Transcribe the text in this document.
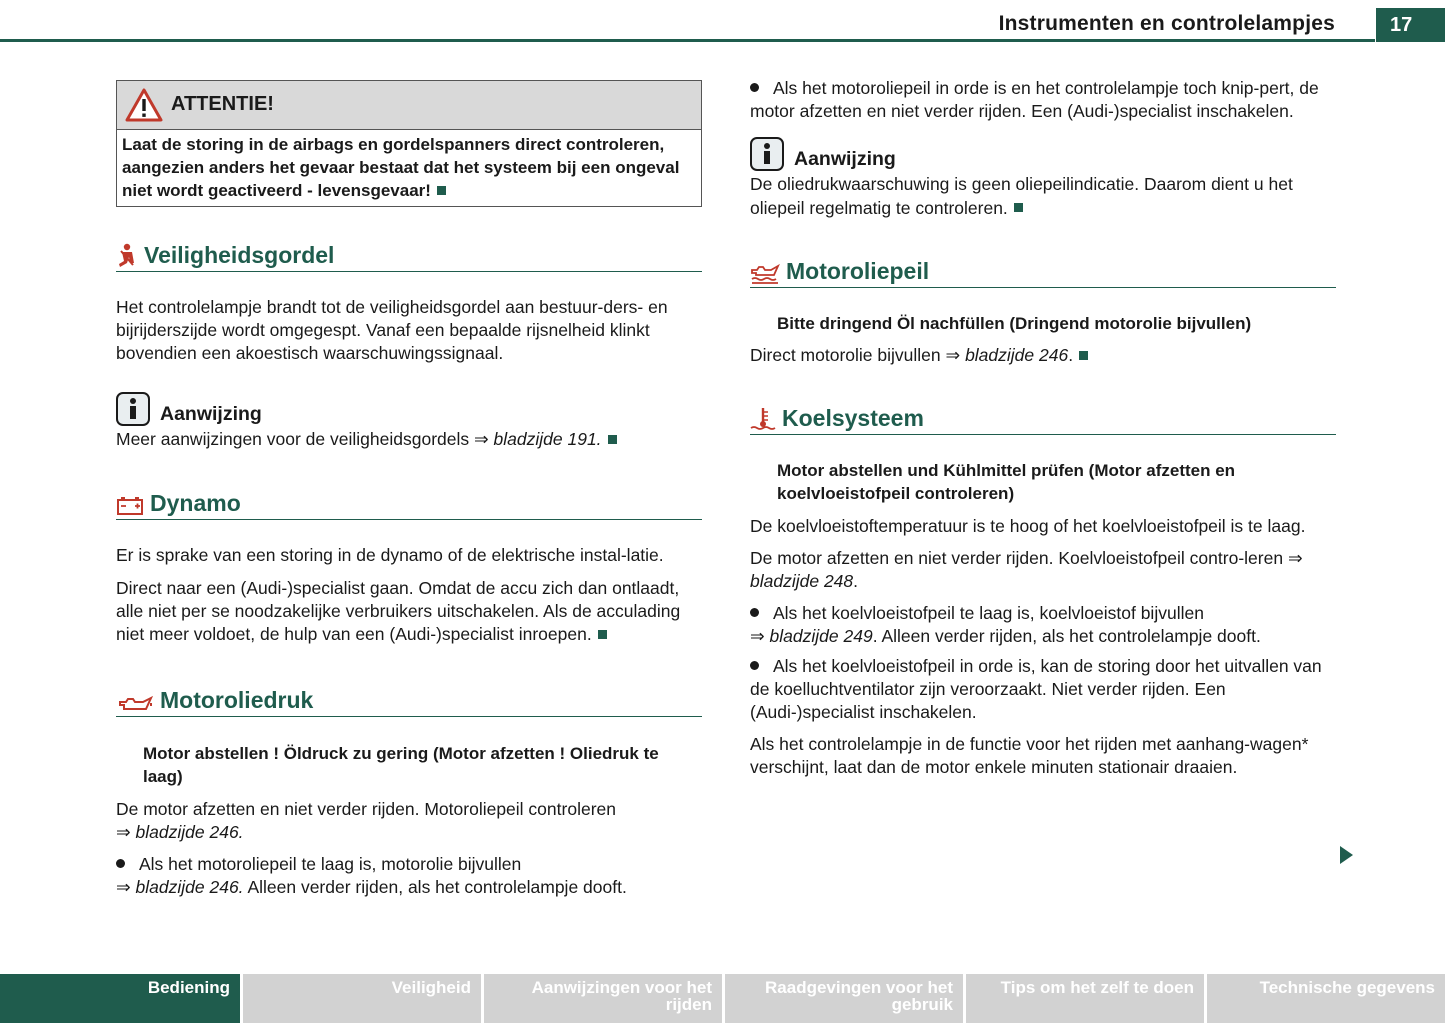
Instrumenten en controlelampjes	17
ATTENTIE!
Laat de storing in de airbags en gordelspanners direct controleren, aangezien anders het gevaar bestaat dat het systeem bij een ongeval niet wordt geactiveerd - levensgevaar!
Veiligheidsgordel

Het controlelampje brandt tot de veiligheidsgordel aan bestuur-ders- en bijrijderszijde wordt omgegespt. Vanaf een bepaalde rijsnelheid klinkt bovendien een akoestisch waarschuwingssignaal.

Aanwijzing

Meer aanwijzingen voor de veiligheidsgordels ⇒ bladzijde 191.

Dynamo

Er is sprake van een storing in de dynamo of de elektrische instal-latie.

Direct naar een (Audi-)specialist gaan. Omdat de accu zich dan ontlaadt, alle niet per se noodzakelijke verbruikers uitschakelen. Als de acculading niet meer voldoet, de hulp van een (Audi-)specialist inroepen.

Motoroliedruk

Motor abstellen ! Öldruck zu gering (Motor afzetten ! Oliedruk te laag)

De motor afzetten en niet verder rijden. Motoroliepeil controleren
⇒ bladzijde 246.

Als het motoroliepeil te laag is, motorolie bijvullen
⇒ bladzijde 246. Alleen verder rijden, als het controlelampje dooft.

Als het motoroliepeil in orde is en het controlelampje toch knip-pert, de motor afzetten en niet verder rijden. Een (Audi-)specialist inschakelen.

Aanwijzing

De oliedrukwaarschuwing is geen oliepeilindicatie. Daarom dient u het oliepeil regelmatig te controleren.

Motoroliepeil

Bitte dringend Öl nachfüllen (Dringend motorolie bijvullen)

Direct motorolie bijvullen ⇒ bladzijde 246.

Koelsysteem

Motor abstellen und Kühlmittel prüfen (Motor afzetten en koelvloeistofpeil controleren)

De koelvloeistoftemperatuur is te hoog of het koelvloeistofpeil is te laag.

De motor afzetten en niet verder rijden. Koelvloeistofpeil contro-leren ⇒ bladzijde 248.

Als het koelvloeistofpeil te laag is, koelvloeistof bijvullen
⇒ bladzijde 249. Alleen verder rijden, als het controlelampje dooft.

Als het koelvloeistofpeil in orde is, kan de storing door het uitvallen van de koelluchtventilator zijn veroorzaakt. Niet verder rijden. Een (Audi-)specialist inschakelen.

Als het controlelampje in de functie voor het rijden met aanhang-wagen* verschijnt, laat dan de motor enkele minuten stationair draaien.

Bediening	Veiligheid	Aanwijzingen voor het rijden
Raadgevingen voor het gebruik
Tips om het zelf te doen	Technische gegevens
